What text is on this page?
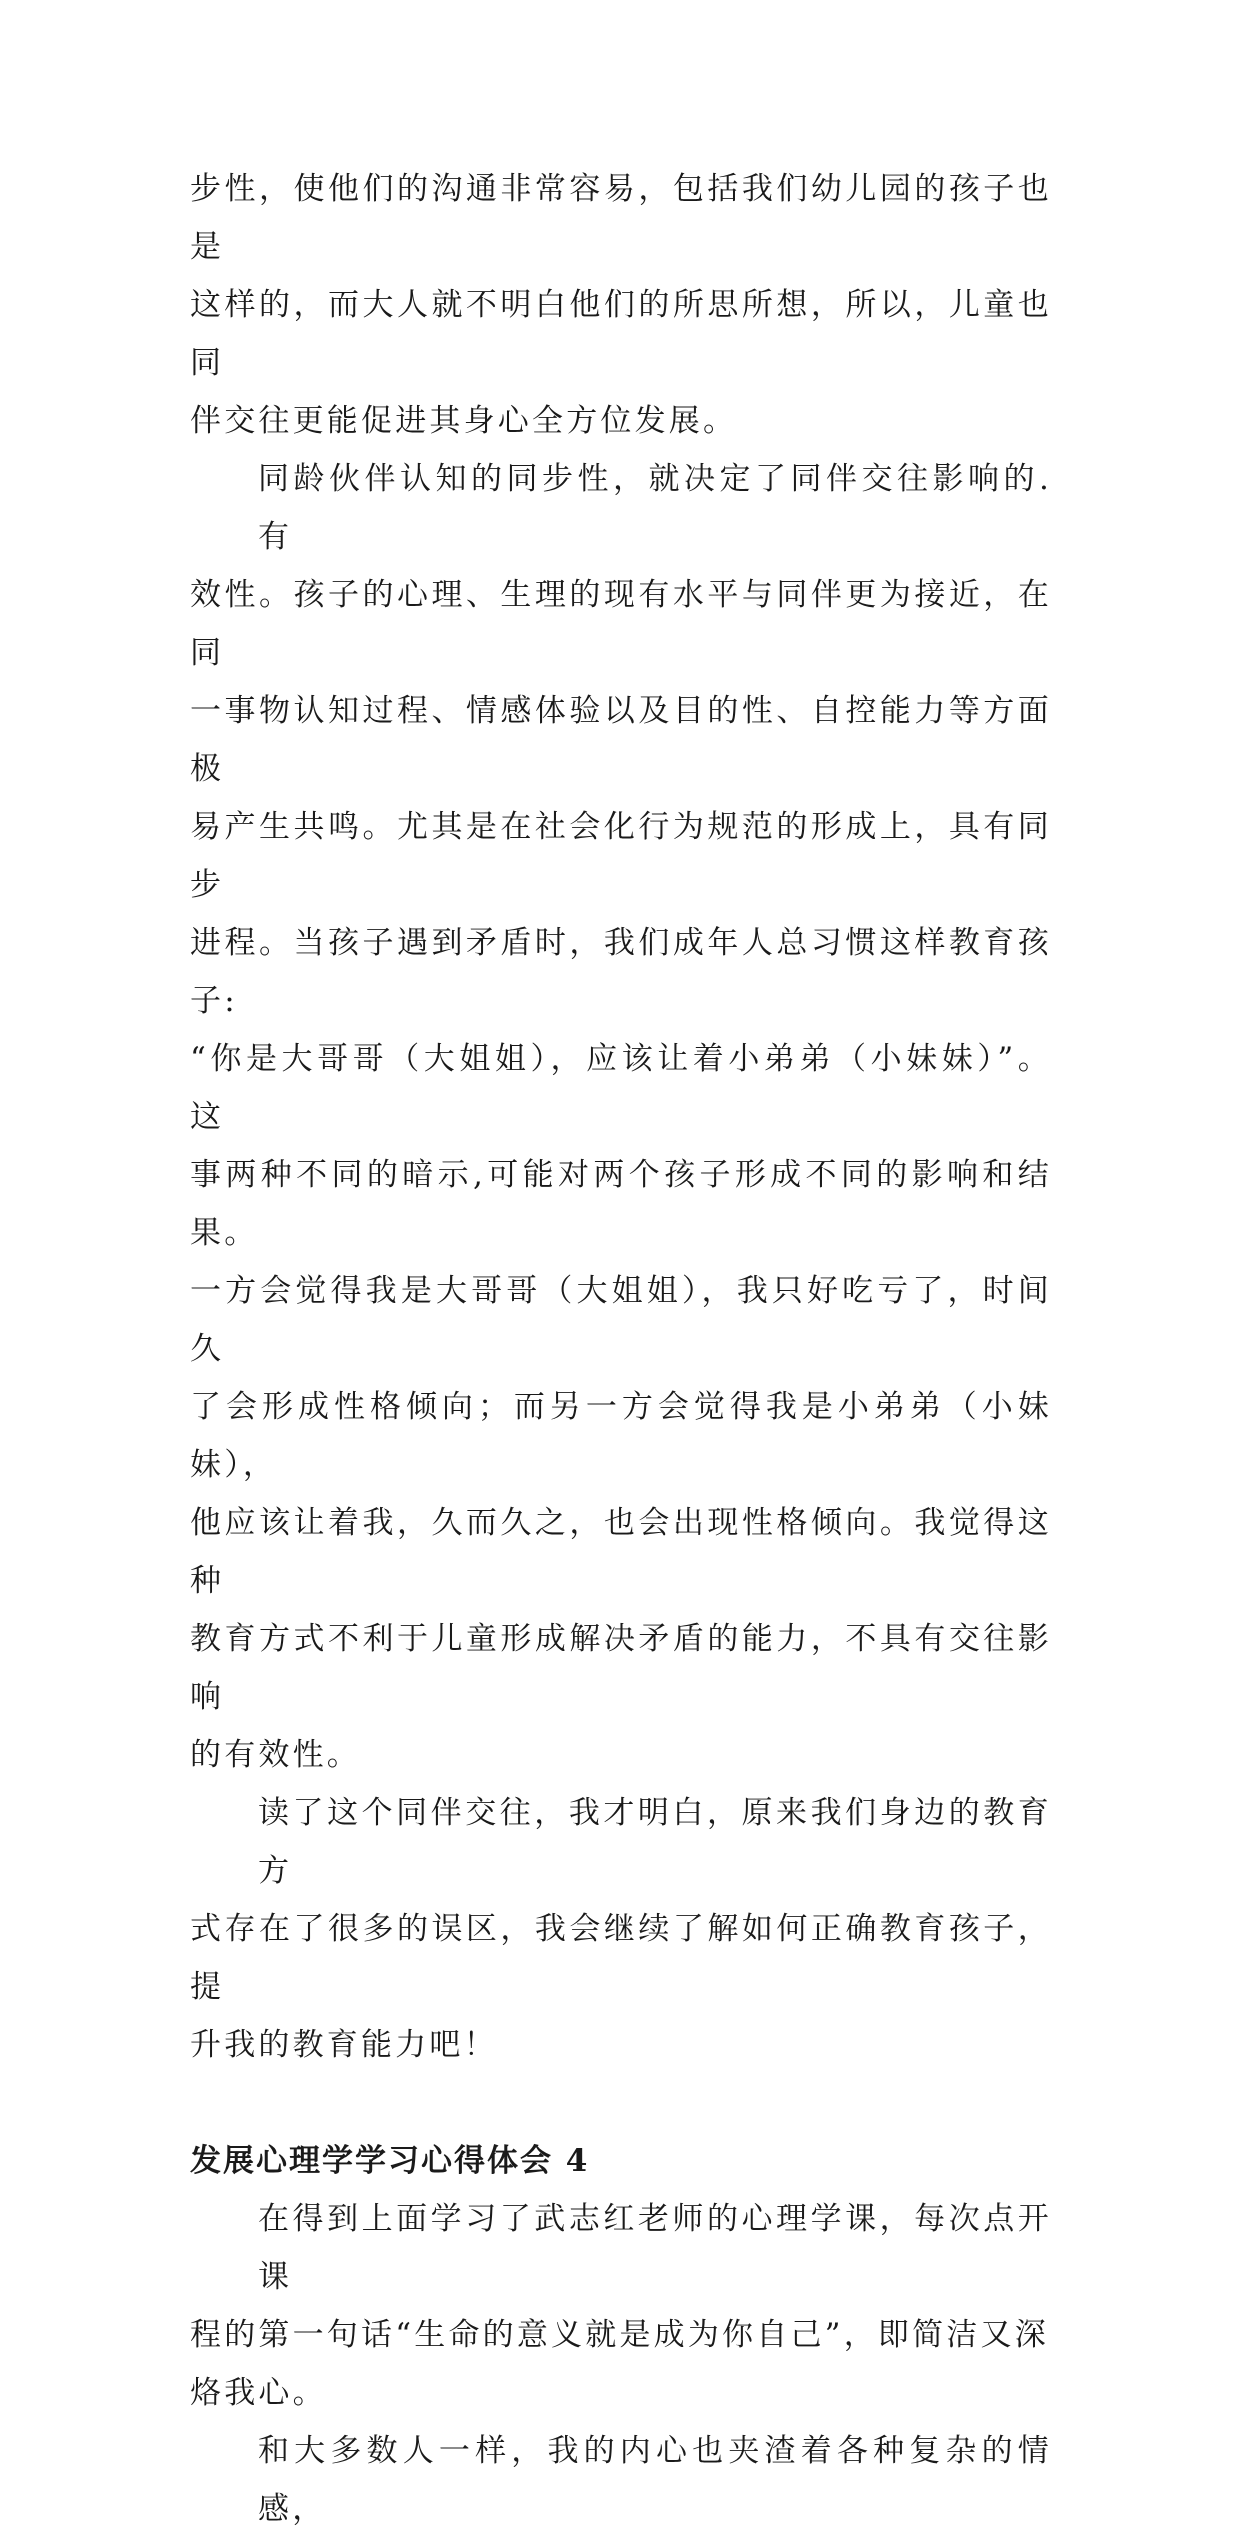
步性，使他们的沟通非常容易，包括我们幼儿园的孩子也是
这样的，而大人就不明白他们的所思所想，所以，儿童也同
伴交往更能促进其身心全方位发展。

同龄伙伴认知的同步性，就决定了同伴交往影响的.有
效性。孩子的心理、生理的现有水平与同伴更为接近，在同
一事物认知过程、情感体验以及目的性、自控能力等方面极
易产生共鸣。尤其是在社会化行为规范的形成上，具有同步
进程。当孩子遇到矛盾时，我们成年人总习惯这样教育孩子:
“你是大哥哥（大姐姐），应该让着小弟弟（小妹妹）”。这
事两种不同的暗示,可能对两个孩子形成不同的影响和结果。
一方会觉得我是大哥哥（大姐姐），我只好吃亏了，时间久
了会形成性格倾向；而另一方会觉得我是小弟弟（小妹妹），
他应该让着我，久而久之，也会出现性格倾向。我觉得这种
教育方式不利于儿童形成解决矛盾的能力，不具有交往影响
的有效性。

读了这个同伴交往，我才明白，原来我们身边的教育方
式存在了很多的误区，我会继续了解如何正确教育孩子，提
升我的教育能力吧！

发展心理学学习心得体会 4

在得到上面学习了武志红老师的心理学课，每次点开课
程的第一句话“生命的意义就是成为你自己”，即简洁又深
烙我心。

和大多数人一样，我的内心也夹渣着各种复杂的情感，
